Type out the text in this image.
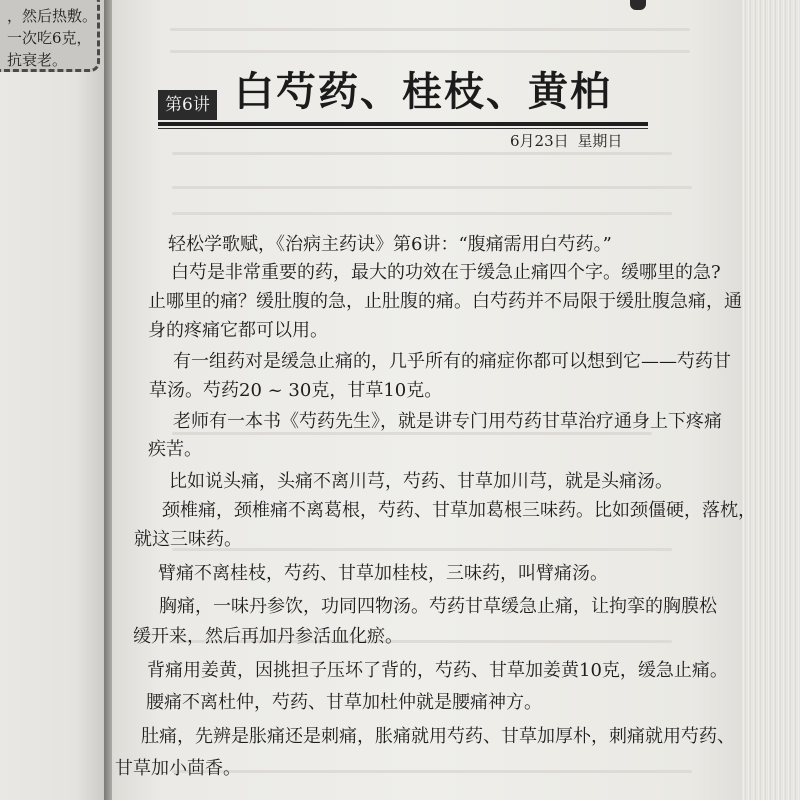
，然后热敷。
一次吃6克，
抗衰老。
第6讲 白芍药、桂枝、黄柏
6月23日 星期日
轻松学歌赋，《治病主药诀》第6讲：“腹痛需用白芍药。”
白芍是非常重要的药，最大的功效在于缓急止痛四个字。缓哪里的急?
止哪里的痛？缓肚腹的急，止肚腹的痛。白芍药并不局限于缓肚腹急痛，通
身的疼痛它都可以用。
有一组药对是缓急止痛的，几乎所有的痛症你都可以想到它——芍药甘
草汤。芍药20 ~ 30克，甘草10克。
老师有一本书《芍药先生》，就是讲专门用芍药甘草治疗通身上下疼痛
疾苦。
比如说头痛，头痛不离川芎，芍药、甘草加川芎，就是头痛汤。
颈椎痛，颈椎痛不离葛根，芍药、甘草加葛根三味药。比如颈僵硬，落枕，
就这三味药。
臂痛不离桂枝，芍药、甘草加桂枝，三味药，叫臂痛汤。
胸痛，一味丹参饮，功同四物汤。芍药甘草缓急止痛，让拘挛的胸膜松
缓开来，然后再加丹参活血化瘀。
背痛用姜黄，因挑担子压坏了背的，芍药、甘草加姜黄10克，缓急止痛。
腰痛不离杜仲，芍药、甘草加杜仲就是腰痛神方。
肚痛，先辨是胀痛还是刺痛，胀痛就用芍药、甘草加厚朴，刺痛就用芍药、
甘草加小茴香。
